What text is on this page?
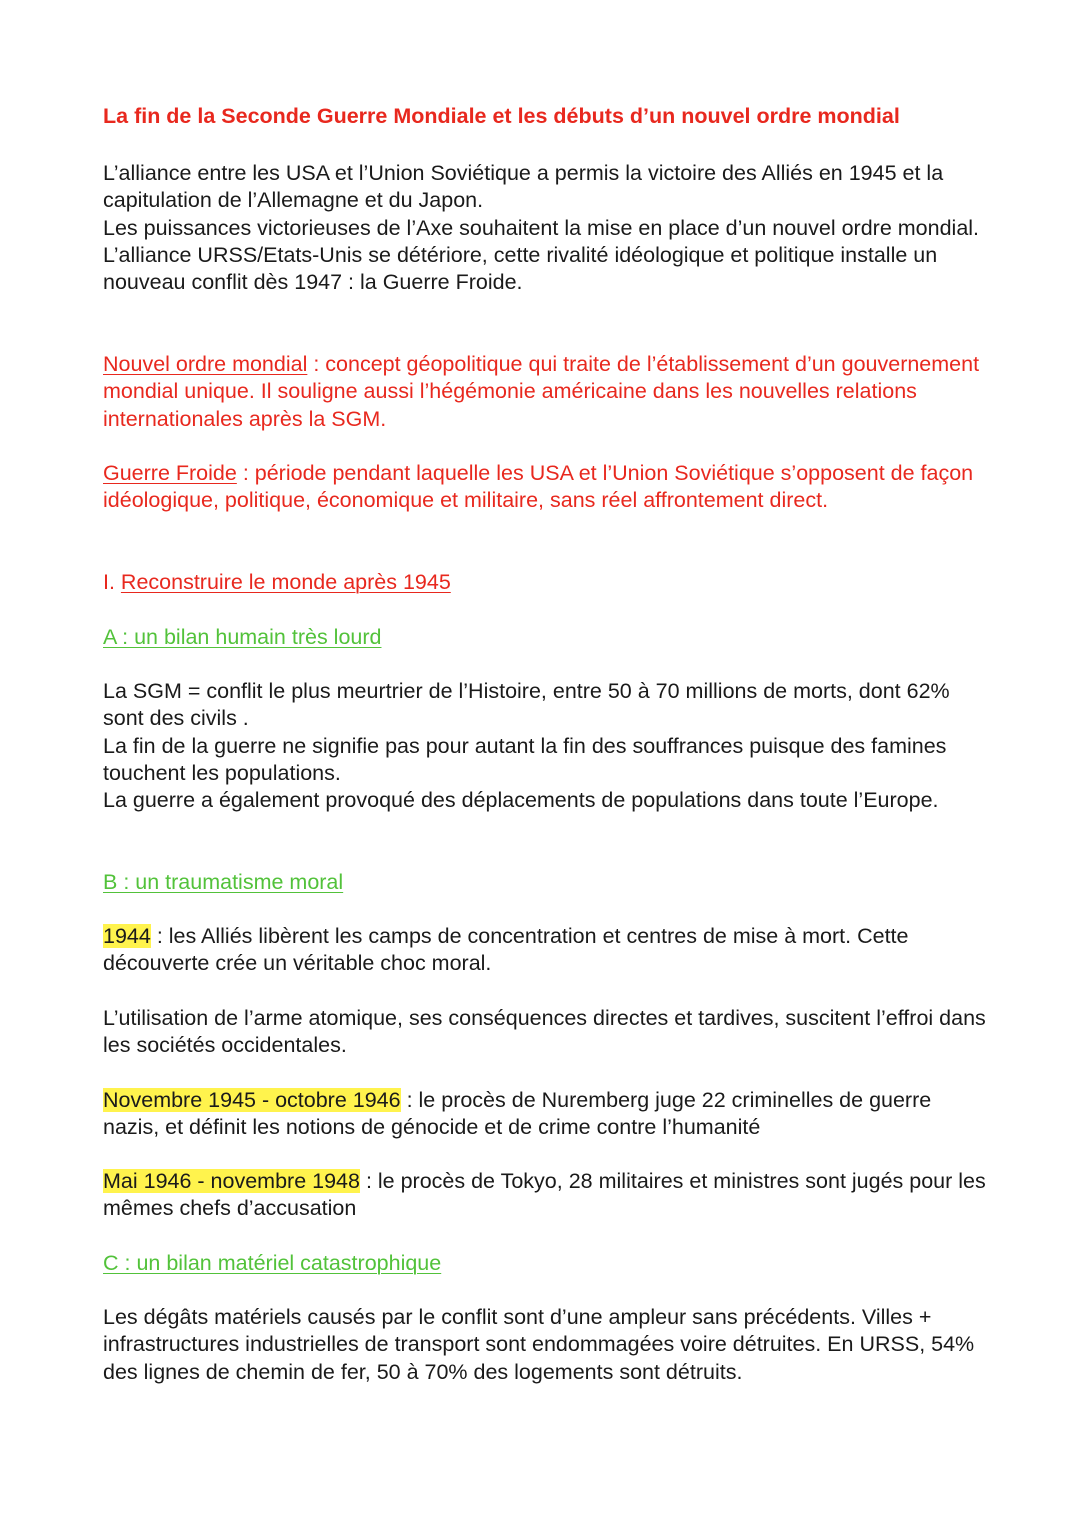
La fin de la Seconde Guerre Mondiale et les débuts d’un nouvel ordre mondial

L’alliance entre les USA et l’Union Soviétique a permis la victoire des Alliés en 1945 et la capitulation de l’Allemagne et du Japon.

Les puissances victorieuses de l’Axe souhaitent la mise en place d’un nouvel ordre mondial.

L’alliance URSS/Etats-Unis se détériore, cette rivalité idéologique et politique installe un nouveau conflit dès 1947 : la Guerre Froide.

Nouvel ordre mondial : concept géopolitique qui traite de l’établissement d’un gouvernement mondial unique. Il souligne aussi l’hégémonie américaine dans les nouvelles relations internationales après la SGM.

Guerre Froide : période pendant laquelle les USA et l’Union Soviétique s’opposent de façon idéologique, politique, économique et militaire, sans réel affrontement direct.

I. Reconstruire le monde après 1945

A : un bilan humain très lourd

La SGM = conflit le plus meurtrier de l’Histoire, entre 50 à 70 millions de morts, dont 62% sont des civils .

La fin de la guerre ne signifie pas pour autant la fin des souffrances puisque des famines touchent les populations.

La guerre a également provoqué des déplacements de populations dans toute l’Europe.

B : un traumatisme moral

1944 : les Alliés libèrent les camps de concentration et centres de mise à mort. Cette découverte crée un véritable choc moral.

L’utilisation de l’arme atomique, ses conséquences directes et tardives, suscitent l’effroi dans les sociétés occidentales.

Novembre 1945 - octobre 1946 : le procès de Nuremberg juge 22 criminelles de guerre nazis, et définit les notions de génocide et de crime contre l’humanité

Mai 1946 - novembre 1948 : le procès de Tokyo, 28 militaires et ministres sont jugés pour les mêmes chefs d’accusation

C : un bilan matériel catastrophique

Les dégâts matériels causés par le conflit sont d’une ampleur sans précédents. Villes + infrastructures industrielles de transport sont endommagées voire détruites. En URSS, 54% des lignes de chemin de fer, 50 à 70% des logements sont détruits.
